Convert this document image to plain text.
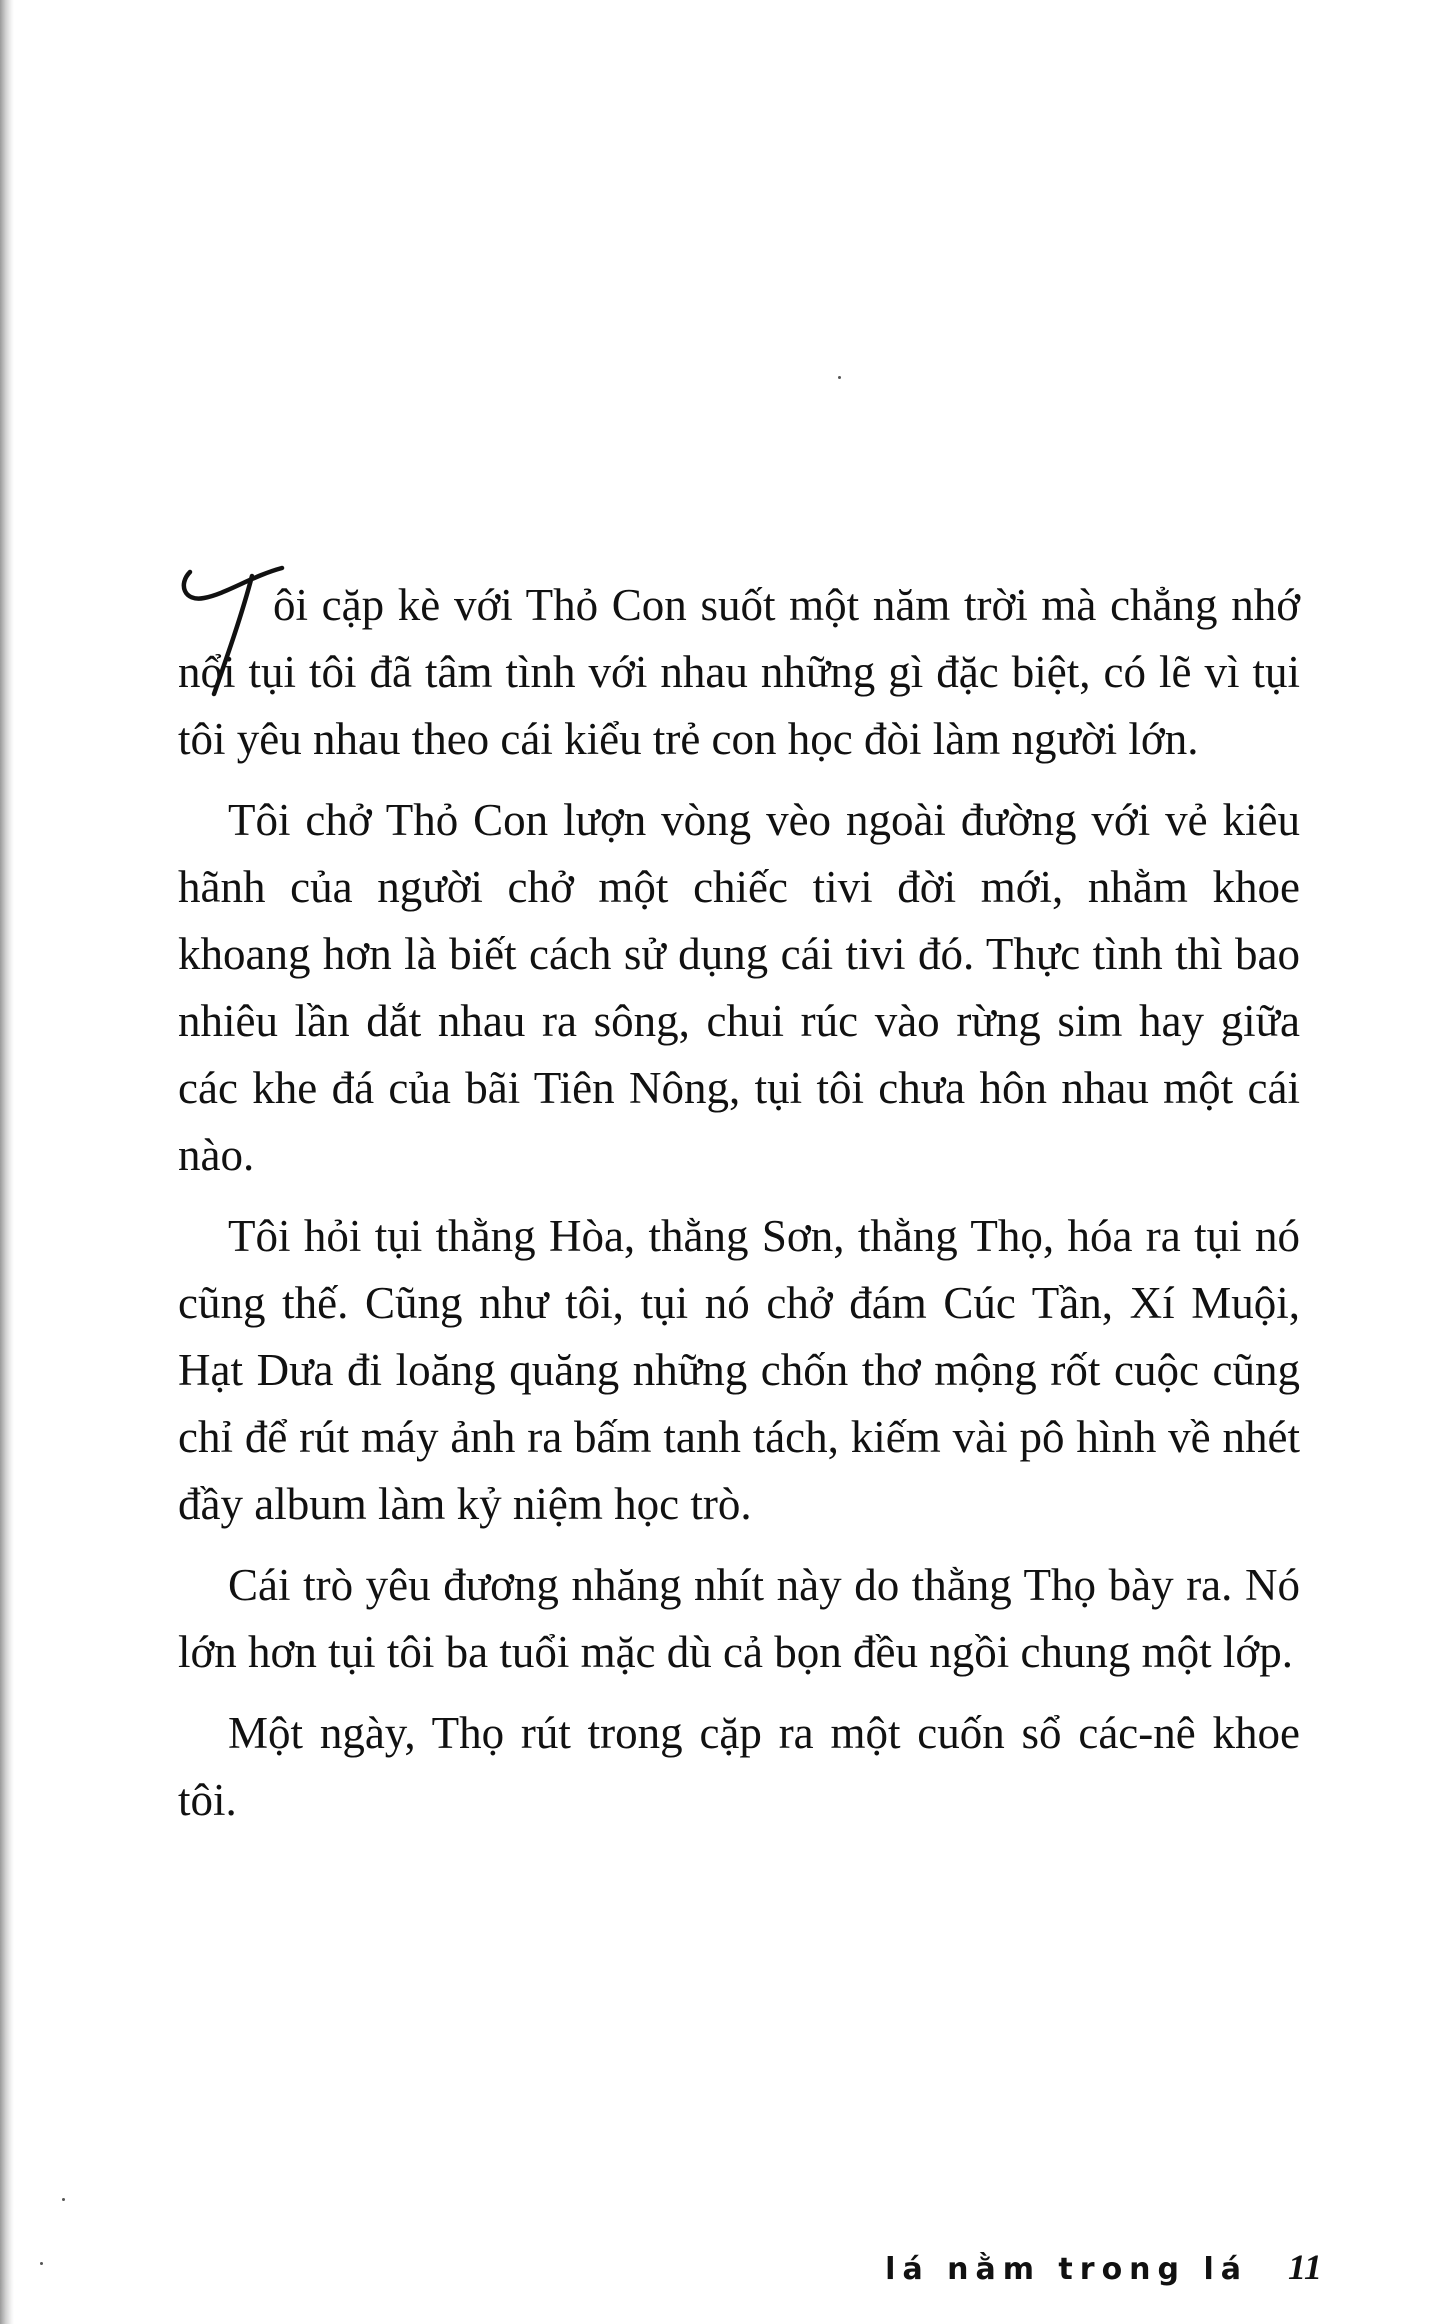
ôi cặp kè với Thỏ Con suốt một năm trời mà chẳng nhớ nổi tụi tôi đã tâm tình với nhau những gì đặc biệt, có lẽ vì tụi tôi yêu nhau theo cái kiểu trẻ con học đòi làm người lớn.

Tôi chở Thỏ Con lượn vòng vèo ngoài đường với vẻ kiêu hãnh của người chở một chiếc tivi đời mới, nhằm khoe khoang hơn là biết cách sử dụng cái tivi đó. Thực tình thì bao nhiêu lần dắt nhau ra sông, chui rúc vào rừng sim hay giữa các khe đá của bãi Tiên Nông, tụi tôi chưa hôn nhau một cái nào.

Tôi hỏi tụi thằng Hòa, thằng Sơn, thằng Thọ, hóa ra tụi nó cũng thế. Cũng như tôi, tụi nó chở đám Cúc Tần, Xí Muội, Hạt Dưa đi loăng quăng những chốn thơ mộng rốt cuộc cũng chỉ để rút máy ảnh ra bấm tanh tách, kiếm vài pô hình về nhét đầy album làm kỷ niệm học trò.

Cái trò yêu đương nhăng nhít này do thằng Thọ bày ra. Nó lớn hơn tụi tôi ba tuổi mặc dù cả bọn đều ngồi chung một lớp.

Một ngày, Thọ rút trong cặp ra một cuốn sổ các-nê khoe tôi.

lá nằm trong lá 11
